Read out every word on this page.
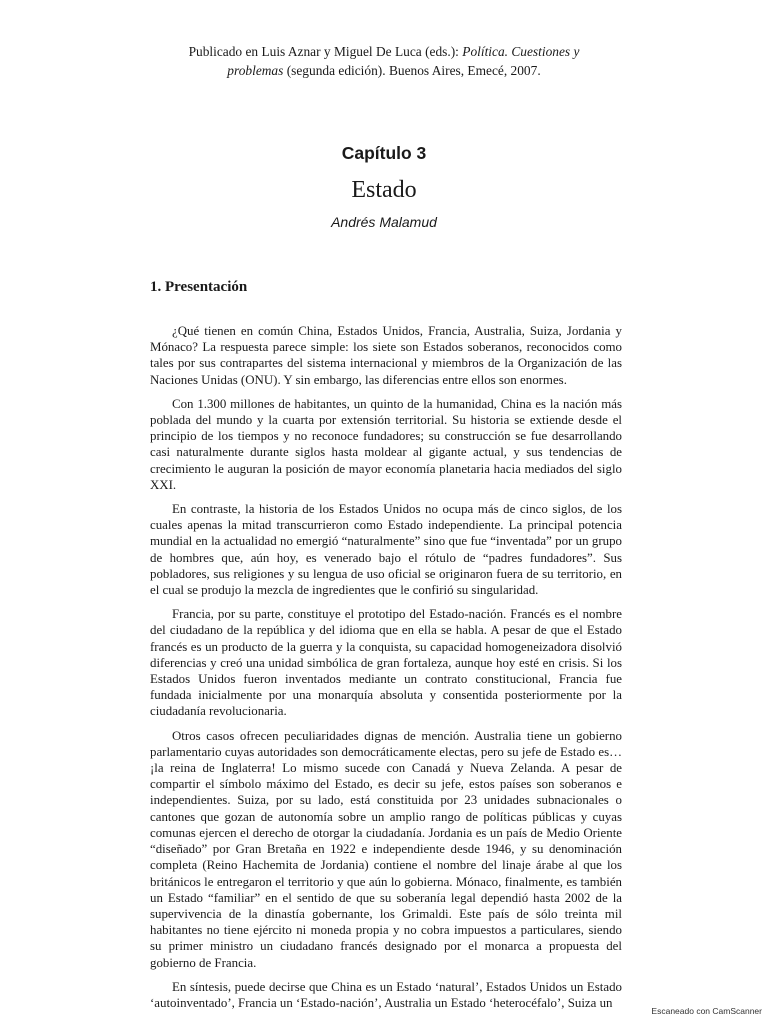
Publicado en Luis Aznar y Miguel De Luca (eds.): Política. Cuestiones y
problemas (segunda edición). Buenos Aires, Emecé, 2007.
Capítulo 3
Estado
Andrés Malamud
1. Presentación

¿Qué tienen en común China, Estados Unidos, Francia, Australia, Suiza, Jordania y Mónaco? La respuesta parece simple: los siete son Estados soberanos, reconocidos como tales por sus contrapartes del sistema internacional y miembros de la Organización de las Naciones Unidas (ONU). Y sin embargo, las diferencias entre ellos son enormes.

Con 1.300 millones de habitantes, un quinto de la humanidad, China es la nación más poblada del mundo y la cuarta por extensión territorial. Su historia se extiende desde el principio de los tiempos y no reconoce fundadores; su construcción se fue desarrollando casi naturalmente durante siglos hasta moldear al gigante actual, y sus tendencias de crecimiento le auguran la posición de mayor economía planetaria hacia mediados del siglo XXI.

En contraste, la historia de los Estados Unidos no ocupa más de cinco siglos, de los cuales apenas la mitad transcurrieron como Estado independiente. La principal potencia mundial en la actualidad no emergió “naturalmente” sino que fue “inventada” por un grupo de hombres que, aún hoy, es venerado bajo el rótulo de “padres fundadores”. Sus pobladores, sus religiones y su lengua de uso oficial se originaron fuera de su territorio, en el cual se produjo la mezcla de ingredientes que le confirió su singularidad.

Francia, por su parte, constituye el prototipo del Estado-nación. Francés es el nombre del ciudadano de la república y del idioma que en ella se habla. A pesar de que el Estado francés es un producto de la guerra y la conquista, su capacidad homogeneizadora disolvió diferencias y creó una unidad simbólica de gran fortaleza, aunque hoy esté en crisis. Si los Estados Unidos fueron inventados mediante un contrato constitucional, Francia fue fundada inicialmente por una monarquía absoluta y consentida posteriormente por la ciudadanía revolucionaria.

Otros casos ofrecen peculiaridades dignas de mención. Australia tiene un gobierno parlamentario cuyas autoridades son democráticamente electas, pero su jefe de Estado es… ¡la reina de Inglaterra! Lo mismo sucede con Canadá y Nueva Zelanda. A pesar de compartir el símbolo máximo del Estado, es decir su jefe, estos países son soberanos e independientes. Suiza, por su lado, está constituida por 23 unidades subnacionales o cantones que gozan de autonomía sobre un amplio rango de políticas públicas y cuyas comunas ejercen el derecho de otorgar la ciudadanía. Jordania es un país de Medio Oriente “diseñado” por Gran Bretaña en 1922 e independiente desde 1946, y su denominación completa (Reino Hachemita de Jordania) contiene el nombre del linaje árabe al que los británicos le entregaron el territorio y que aún lo gobierna. Mónaco, finalmente, es también un Estado “familiar” en el sentido de que su soberanía legal dependió hasta 2002 de la supervivencia de la dinastía gobernante, los Grimaldi. Este país de sólo treinta mil habitantes no tiene ejército ni moneda propia y no cobra impuestos a particulares, siendo su primer ministro un ciudadano francés designado por el monarca a propuesta del gobierno de Francia.

En síntesis, puede decirse que China es un Estado ‘natural’, Estados Unidos un Estado ‘autoinventado’, Francia un ‘Estado-nación’, Australia un Estado ‘heterocéfalo’, Suiza un

Escaneado con CamScanner
